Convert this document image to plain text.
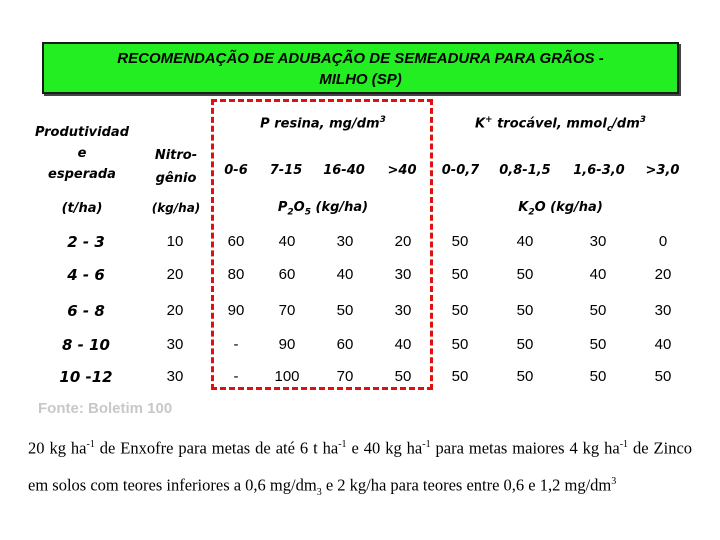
RECOMENDAÇÃO DE ADUBAÇÃO DE SEMEADURA PARA GRÃOS -
MILHO (SP)
Produtividad
e
esperada
Nitro-
gênio
(t/ha)	(kg/ha)
P resina, $mg/dm^3$	K+ trocável, $mmol_c/dm^3$
0-6	7-15	16-40	>40	0-0,7	0,8-1,5	1,6-3,0	>3,0
$P_2O_5$ (kg/ha)	$K_2O$ (kg/ha)
2 - 3	10	60	40	30	20	50	40	30	0
4 - 6	20	80	60	40	30	50	50	40	20
6 - 8	20	90	70	50	30	50	50	50	30
8 - 10	30	-	90	60	40	50	50	50	40
10 -12	30	-	100	70	50	50	50	50	50
Fonte: Boletim 100
20 kg $ha^{-1}$ de Enxofre para metas de até 6 t $ha^{-1}$ e 40 kg $ha^{-1}$ para metas maiores 4 kg $ha^{-1}$ de Zinco em solos com teores inferiores a 0,6 $mg/dm_3$ e 2 kg/ha para teores entre 0,6 e 1,2 $mg/dm^3$
